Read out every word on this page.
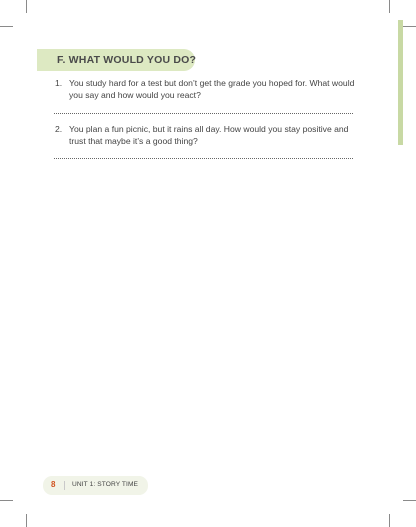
F. WHAT WOULD YOU DO?
1. You study hard for a test but don’t get the grade you hoped for. What would you say and how would you react?
2. You plan a fun picnic, but it rains all day. How would you stay positive and trust that maybe it’s a good thing?
8	UNIT 1: STORY TIME
